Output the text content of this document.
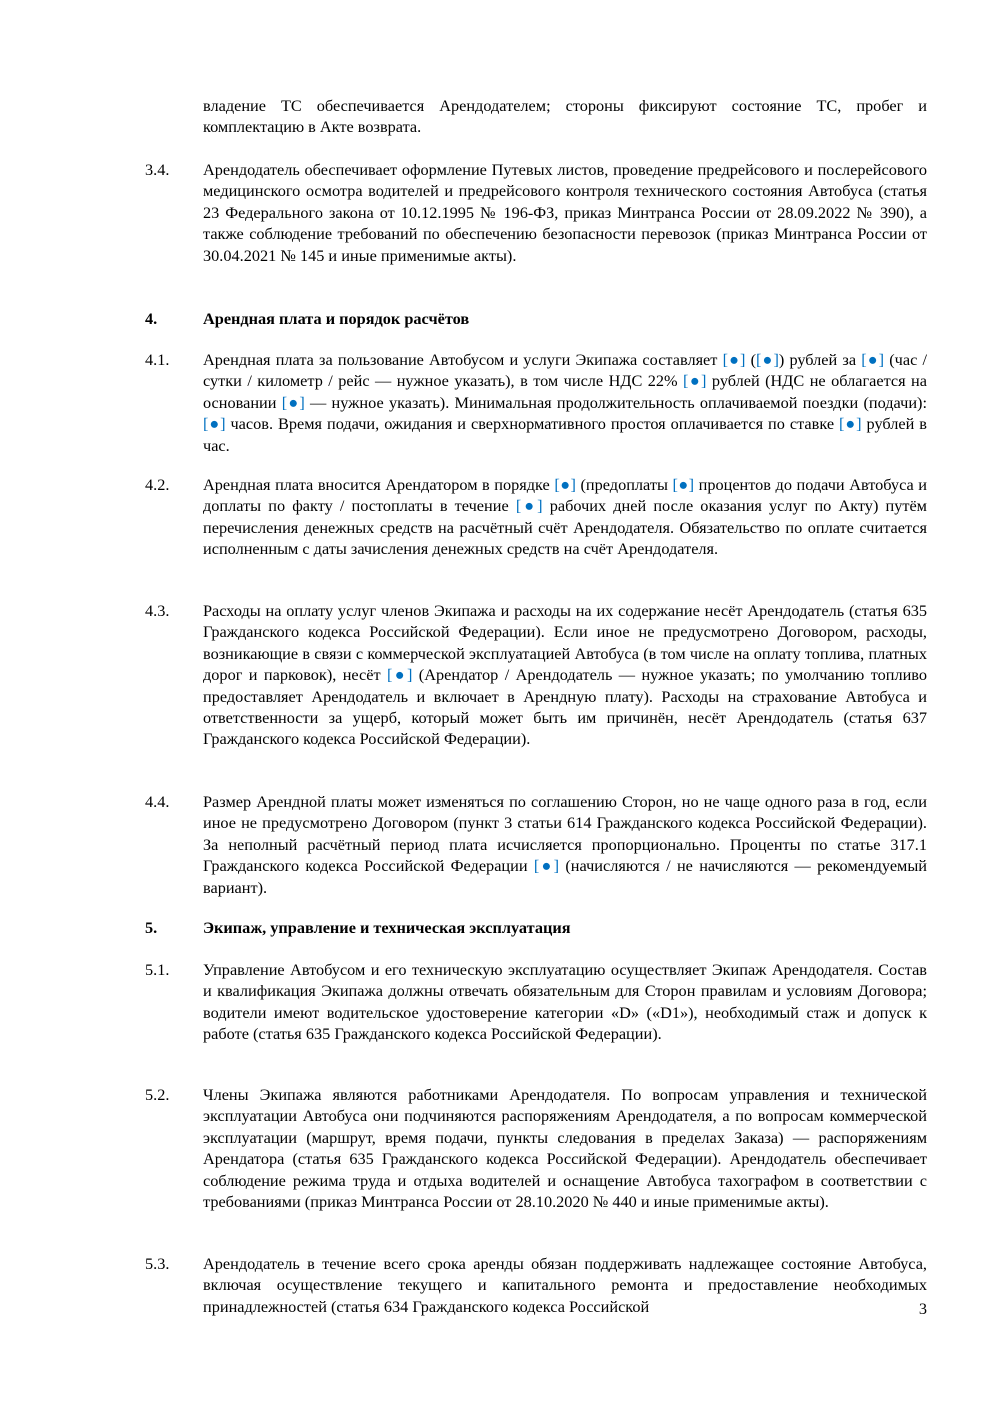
владение ТС обеспечивается Арендодателем; стороны фиксируют состояние ТС, пробег и комплектацию в Акте возврата.
3.4. Арендодатель обеспечивает оформление Путевых листов, проведение предрейсового и послерейсового медицинского осмотра водителей и предрейсового контроля технического состояния Автобуса (статья 23 Федерального закона от 10.12.1995 № 196-ФЗ, приказ Минтранса России от 28.09.2022 № 390), а также соблюдение требований по обеспечению безопасности перевозок (приказ Минтранса России от 30.04.2021 № 145 и иные применимые акты).
4.	Арендная плата и порядок расчётов
4.1. Арендная плата за пользование Автобусом и услуги Экипажа составляет [●] ([●]) рублей за [●] (час / сутки / километр / рейс — нужное указать), в том числе НДС 22% [●] рублей (НДС не облагается на основании [●] — нужное указать). Минимальная продолжительность оплачиваемой поездки (подачи): [●] часов. Время подачи, ожидания и сверхнормативного простоя оплачивается по ставке [●] рублей в час.
4.2. Арендная плата вносится Арендатором в порядке [●] (предоплаты [●] процентов до подачи Автобуса и доплаты по факту / постоплаты в течение [●] рабочих дней после оказания услуг по Акту) путём перечисления денежных средств на расчётный счёт Арендодателя. Обязательство по оплате считается исполненным с даты зачисления денежных средств на счёт Арендодателя.
4.3. Расходы на оплату услуг членов Экипажа и расходы на их содержание несёт Арендодатель (статья 635 Гражданского кодекса Российской Федерации). Если иное не предусмотрено Договором, расходы, возникающие в связи с коммерческой эксплуатацией Автобуса (в том числе на оплату топлива, платных дорог и парковок), несёт [●] (Арендатор / Арендодатель — нужное указать; по умолчанию топливо предоставляет Арендодатель и включает в Арендную плату). Расходы на страхование Автобуса и ответственности за ущерб, который может быть им причинён, несёт Арендодатель (статья 637 Гражданского кодекса Российской Федерации).
4.4. Размер Арендной платы может изменяться по соглашению Сторон, но не чаще одного раза в год, если иное не предусмотрено Договором (пункт 3 статьи 614 Гражданского кодекса Российской Федерации). За неполный расчётный период плата исчисляется пропорционально. Проценты по статье 317.1 Гражданского кодекса Российской Федерации [●] (начисляются / не начисляются — рекомендуемый вариант).
5.	Экипаж, управление и техническая эксплуатация
5.1. Управление Автобусом и его техническую эксплуатацию осуществляет Экипаж Арендодателя. Состав и квалификация Экипажа должны отвечать обязательным для Сторон правилам и условиям Договора; водители имеют водительское удостоверение категории «D» («D1»), необходимый стаж и допуск к работе (статья 635 Гражданского кодекса Российской Федерации).
5.2. Члены Экипажа являются работниками Арендодателя. По вопросам управления и технической эксплуатации Автобуса они подчиняются распоряжениям Арендодателя, а по вопросам коммерческой эксплуатации (маршрут, время подачи, пункты следования в пределах Заказа) — распоряжениям Арендатора (статья 635 Гражданского кодекса Российской Федерации). Арендодатель обеспечивает соблюдение режима труда и отдыха водителей и оснащение Автобуса тахографом в соответствии с требованиями (приказ Минтранса России от 28.10.2020 № 440 и иные применимые акты).
5.3. Арендодатель в течение всего срока аренды обязан поддерживать надлежащее состояние Автобуса, включая осуществление текущего и капитального ремонта и предоставление необходимых принадлежностей (статья 634 Гражданского кодекса Российской	3
